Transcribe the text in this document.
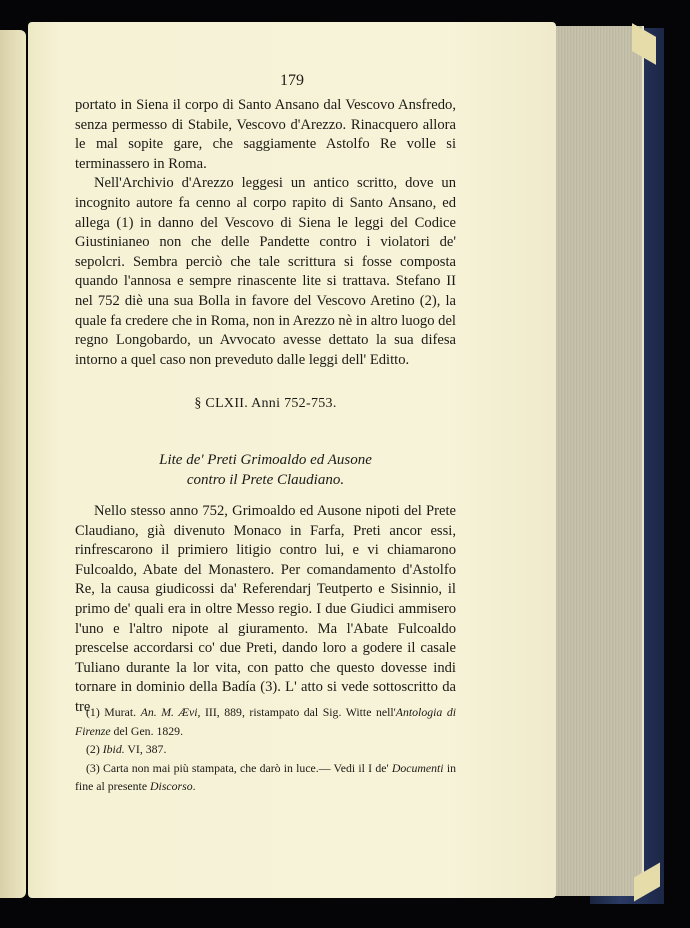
179

portato in Siena il corpo di Santo Ansano dal Vescovo Ansfredo, senza permesso di Stabile, Vescovo d'Arezzo. Rinacquero allora le mal sopite gare, che saggiamente Astolfo Re volle si terminassero in Roma.

Nell'Archivio d'Arezzo leggesi un antico scritto, dove un incognito autore fa cenno al corpo rapito di Santo Ansano, ed allega (1) in danno del Vescovo di Siena le leggi del Codice Giustinianeo non che delle Pandette contro i violatori de' sepolcri. Sembra perciò che tale scrittura si fosse composta quando l'annosa e sempre rinascente lite si trattava. Stefano II nel 752 diè una sua Bolla in favore del Vescovo Aretino (2), la quale fa credere che in Roma, non in Arezzo nè in altro luogo del regno Longobardo, un Avvocato avesse dettato la sua difesa intorno a quel caso non preveduto dalle leggi dell' Editto.

§ CLXII. Anni 752-753.
Lite de' Preti Grimoaldo ed Ausone
contro il Prete Claudiano.

Nello stesso anno 752, Grimoaldo ed Ausone nipoti del Prete Claudiano, già divenuto Monaco in Farfa, Preti ancor essi, rinfrescarono il primiero litigio contro lui, e vi chiamarono Fulcoaldo, Abate del Monastero. Per comandamento d'Astolfo Re, la causa giudicossi da' Referendarj Teutperto e Sisinnio, il primo de' quali era in oltre Messo regio. I due Giudici ammisero l'uno e l'altro nipote al giuramento. Ma l'Abate Fulcoaldo prescelse accordarsi co' due Preti, dando loro a godere il casale Tuliano durante la lor vita, con patto che questo dovesse indi tornare in dominio della Badía (3). L' atto si vede sottoscritto da tre

(1) Murat. An. M. Ævi, III, 889, ristampato dal Sig. Witte nell'Antologia di Firenze del Gen. 1829.

(2) Ibid. VI, 387.

(3) Carta non mai più stampata, che darò in luce.— Vedi il I de' Documenti in fine al presente Discorso.
